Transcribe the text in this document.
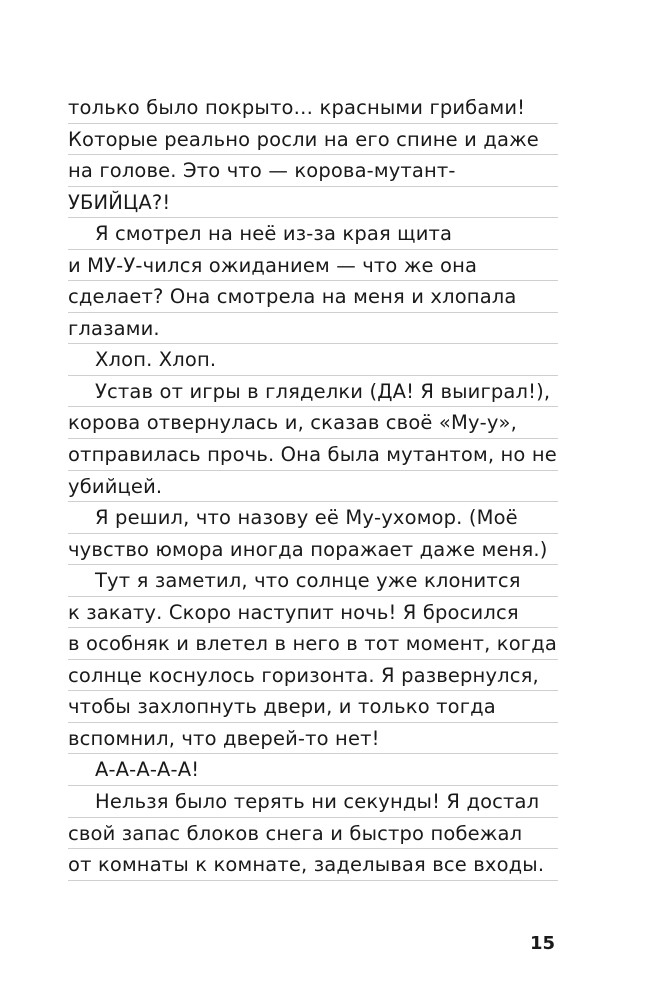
только было покрыто… красными грибами!
Которые реально росли на его спине и даже
на голове. Это что — корова-мутант-
УБИЙЦА?!
Я смотрел на неё из-за края щита
и МУ-У-чился ожиданием — что же она
сделает? Она смотрела на меня и хлопала
глазами.
Хлоп. Хлоп.
Устав от игры в гляделки (ДА! Я выиграл!),
корова отвернулась и, сказав своё «Му-у»,
отправилась прочь. Она была мутантом, но не
убийцей.
Я решил, что назову её Му-ухомор. (Моё
чувство юмора иногда поражает даже меня.)
Тут я заметил, что солнце уже клонится
к закату. Скоро наступит ночь! Я бросился
в особняк и влетел в него в тот момент, когда
солнце коснулось горизонта. Я развернулся,
чтобы захлопнуть двери, и только тогда
вспомнил, что дверей-то нет!
А-А-А-А-А!
Нельзя было терять ни секунды! Я достал
свой запас блоков снега и быстро побежал
от комнаты к комнате, заделывая все входы.
15
